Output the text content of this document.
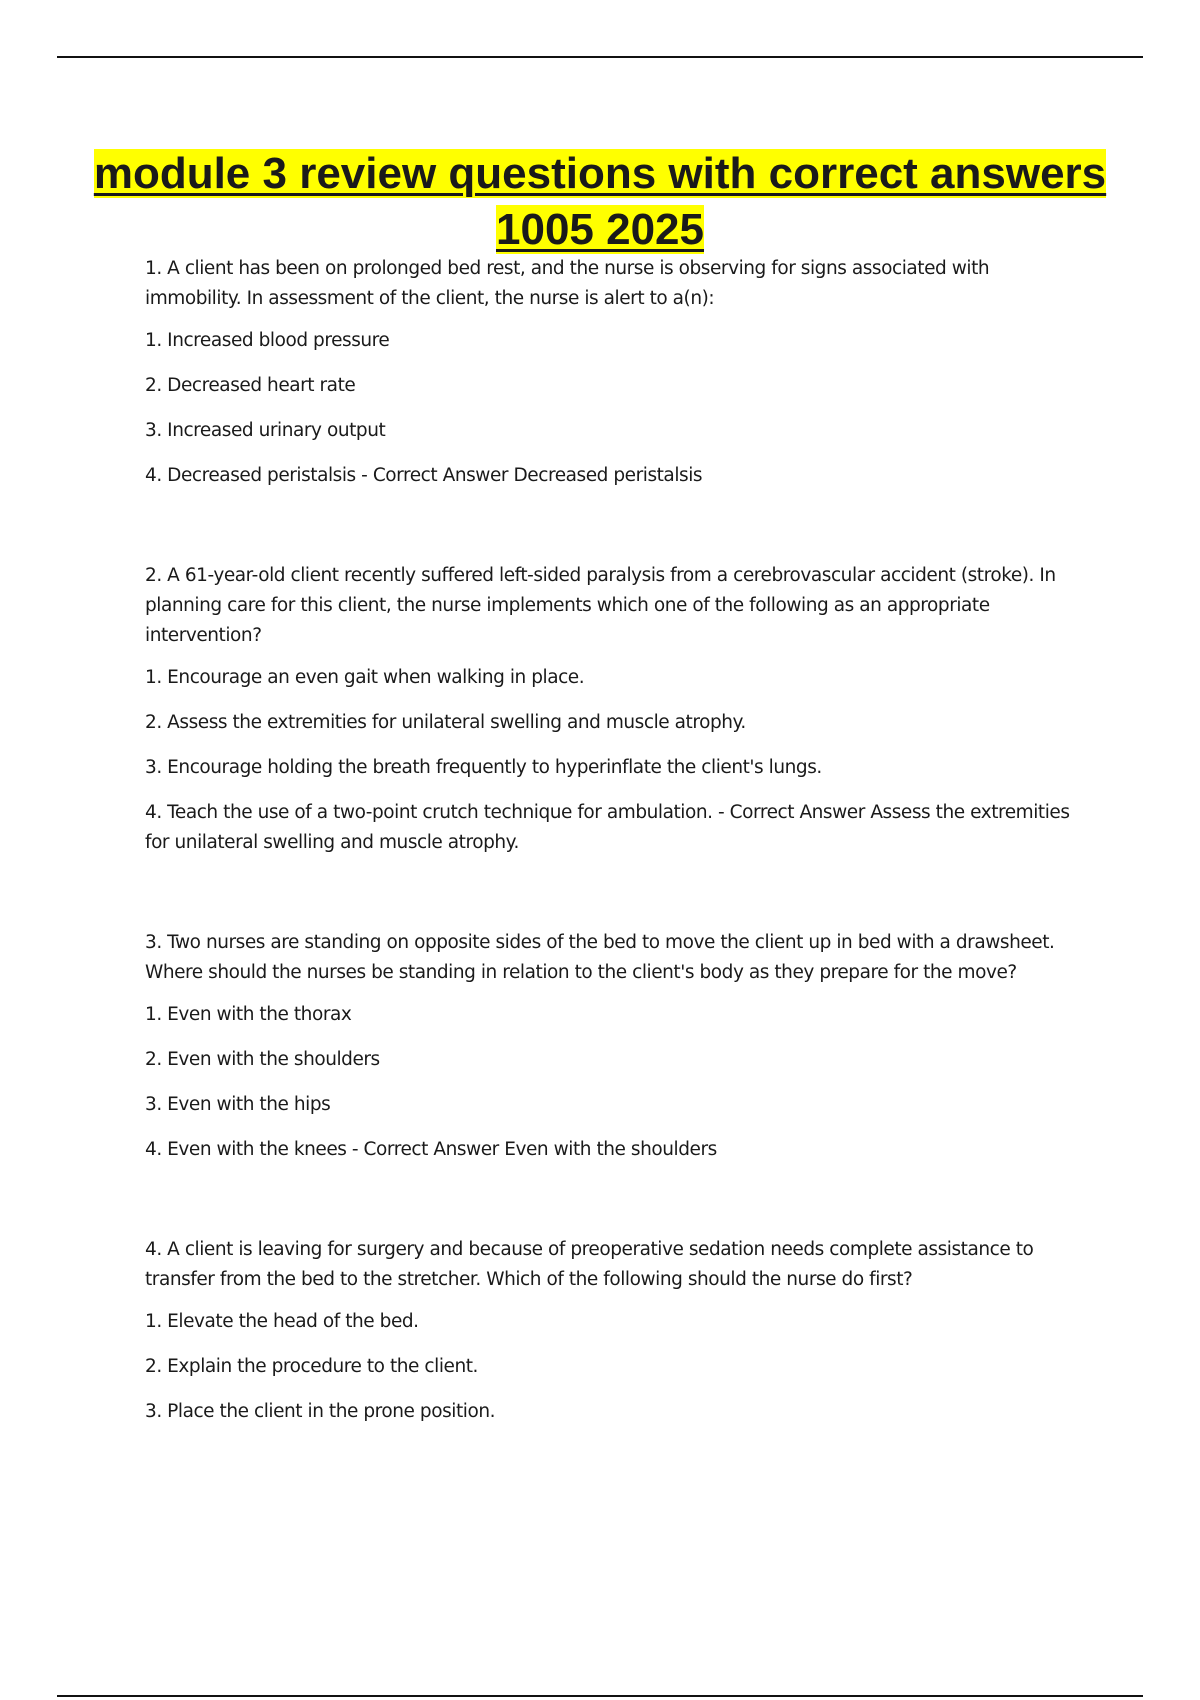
module 3 review questions with correct answers 1005 2025

1. A client has been on prolonged bed rest, and the nurse is observing for signs associated with immobility. In assessment of the client, the nurse is alert to a(n):

1. Increased blood pressure

2. Decreased heart rate

3. Increased urinary output

4. Decreased peristalsis - Correct Answer Decreased peristalsis

2. A 61-year-old client recently suffered left-sided paralysis from a cerebrovascular accident (stroke). In planning care for this client, the nurse implements which one of the following as an appropriate intervention?

1. Encourage an even gait when walking in place.

2. Assess the extremities for unilateral swelling and muscle atrophy.

3. Encourage holding the breath frequently to hyperinflate the client's lungs.

4. Teach the use of a two-point crutch technique for ambulation. - Correct Answer Assess the extremities for unilateral swelling and muscle atrophy.

3. Two nurses are standing on opposite sides of the bed to move the client up in bed with a drawsheet. Where should the nurses be standing in relation to the client's body as they prepare for the move?

1. Even with the thorax

2. Even with the shoulders

3. Even with the hips

4. Even with the knees - Correct Answer Even with the shoulders

4. A client is leaving for surgery and because of preoperative sedation needs complete assistance to transfer from the bed to the stretcher. Which of the following should the nurse do first?

1. Elevate the head of the bed.

2. Explain the procedure to the client.

3. Place the client in the prone position.
